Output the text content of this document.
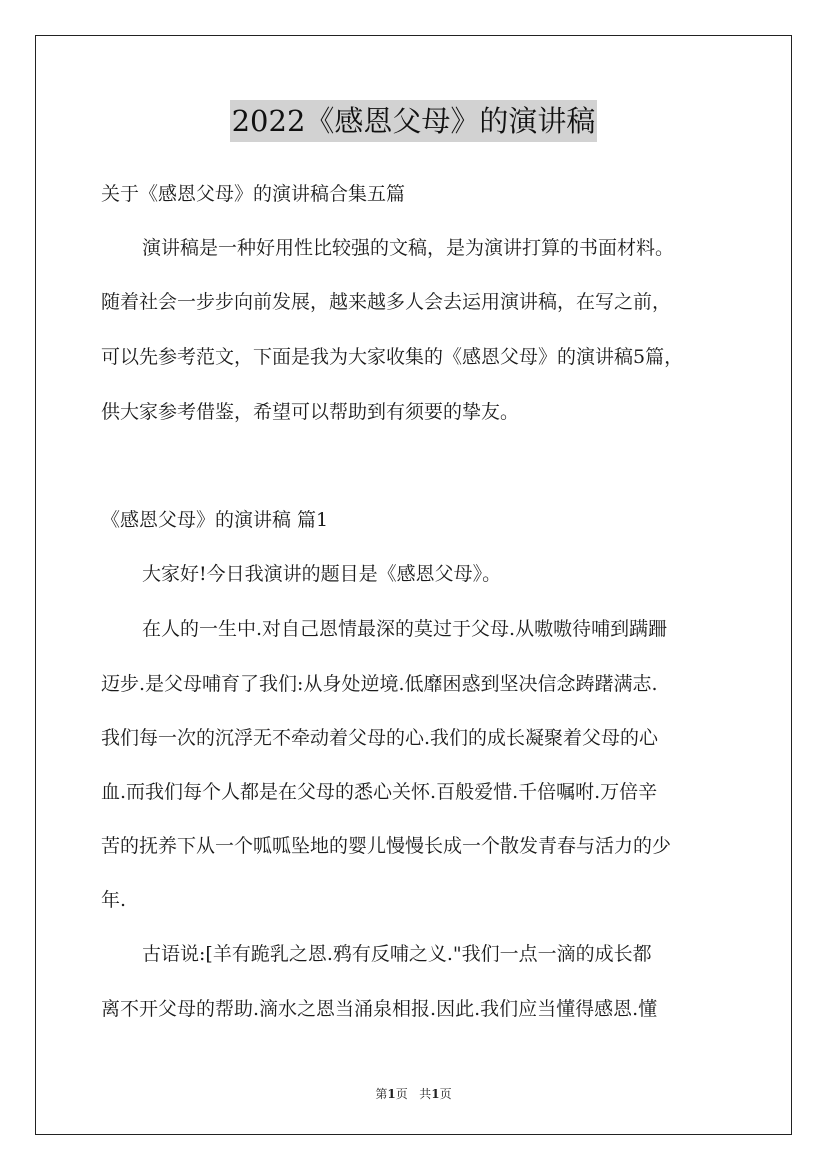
2022《感恩父母》的演讲稿
关于《感恩父母》的演讲稿合集五篇
演讲稿是一种好用性比较强的文稿，是为演讲打算的书面材料。
随着社会一步步向前发展，越来越多人会去运用演讲稿，在写之前，
可以先参考范文，下面是我为大家收集的《感恩父母》的演讲稿5篇，
供大家参考借鉴，希望可以帮助到有须要的挚友。
《感恩父母》的演讲稿 篇1
大家好!今日我演讲的题目是《感恩父母》。
在人的一生中.对自己恩情最深的莫过于父母.从嗷嗷待哺到蹒跚
迈步.是父母哺育了我们:从身处逆境.低靡困惑到坚决信念踌躇满志.
我们每一次的沉浮无不牵动着父母的心.我们的成长凝聚着父母的心
血.而我们每个人都是在父母的悉心关怀.百般爱惜.千倍嘱咐.万倍辛
苦的抚养下从一个呱呱坠地的婴儿慢慢长成一个散发青春与活力的少
年.
古语说:[羊有跪乳之恩.鸦有反哺之义."我们一点一滴的成长都
离不开父母的帮助.滴水之恩当涌泉相报.因此.我们应当懂得感恩.懂
第1页 共1页
